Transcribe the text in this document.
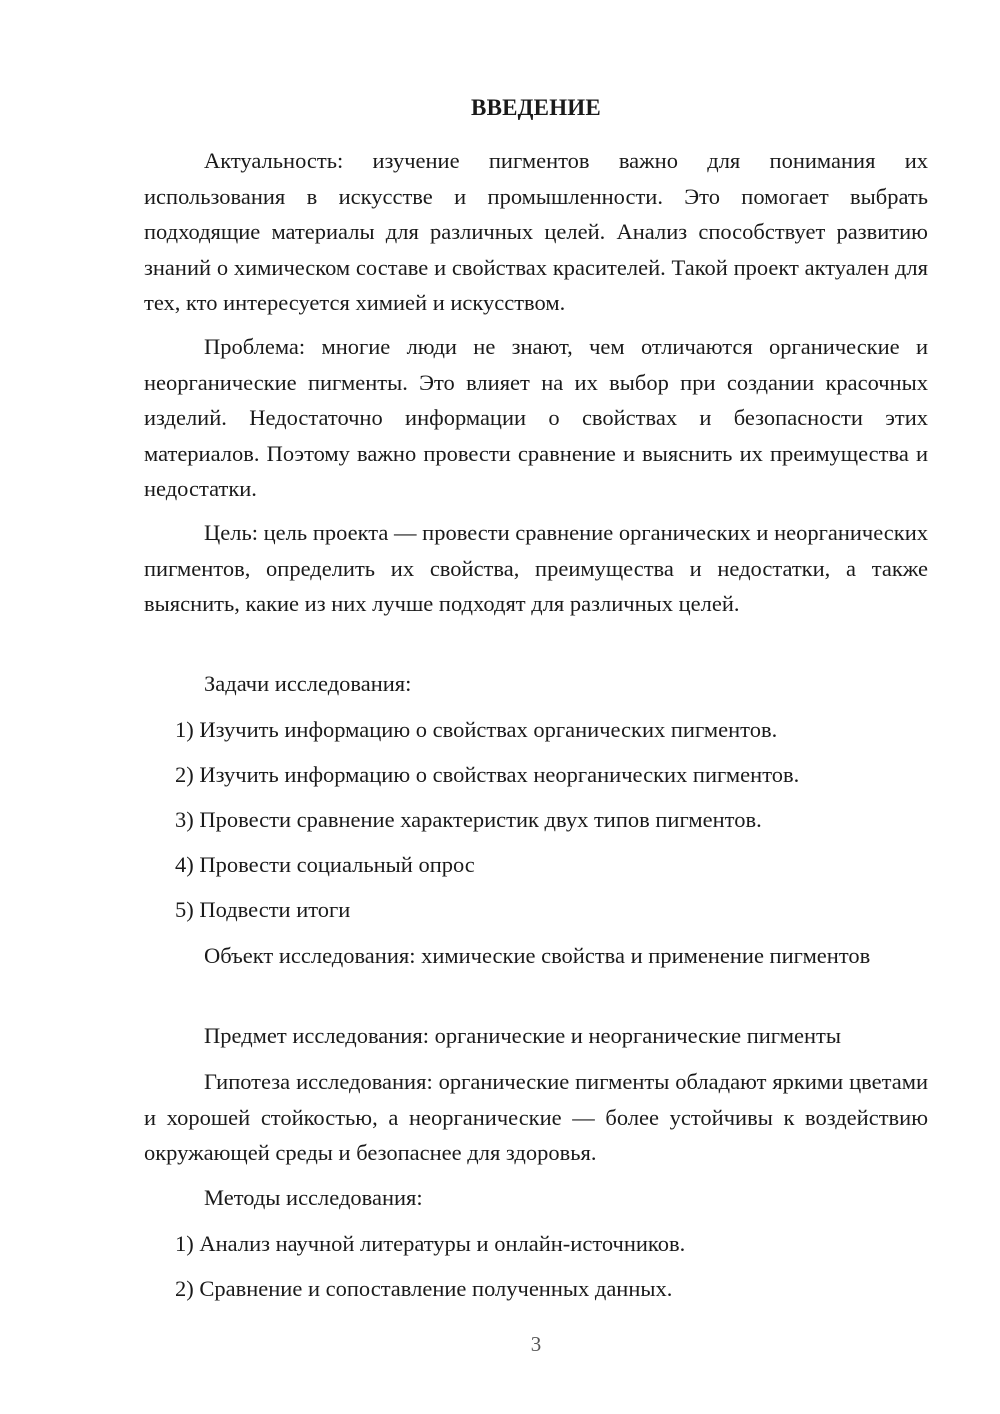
ВВЕДЕНИЕ

Актуальность: изучение пигментов важно для понимания их использования в искусстве и промышленности. Это помогает выбрать подходящие материалы для различных целей. Анализ способствует развитию знаний о химическом составе и свойствах красителей. Такой проект актуален для тех, кто интересуется химией и искусством.

Проблема: многие люди не знают, чем отличаются органические и неорганические пигменты. Это влияет на их выбор при создании красочных изделий. Недостаточно информации о свойствах и безопасности этих материалов. Поэтому важно провести сравнение и выяснить их преимущества и недостатки.

Цель: цель проекта — провести сравнение органических и неорганических пигментов, определить их свойства, преимущества и недостатки, а также выяснить, какие из них лучше подходят для различных целей.

Задачи исследования:

1) Изучить информацию о свойствах органических пигментов.

2) Изучить информацию о свойствах неорганических пигментов.

3) Провести сравнение характеристик двух типов пигментов.

4) Провести социальный опрос

5) Подвести итоги

Объект исследования: химические свойства и применение пигментов

Предмет исследования: органические и неорганические пигменты

Гипотеза исследования: органические пигменты обладают яркими цветами и хорошей стойкостью, а неорганические — более устойчивы к воздействию окружающей среды и безопаснее для здоровья.

Методы исследования:

1) Анализ научной литературы и онлайн-источников.

2) Сравнение и сопоставление полученных данных.

3
